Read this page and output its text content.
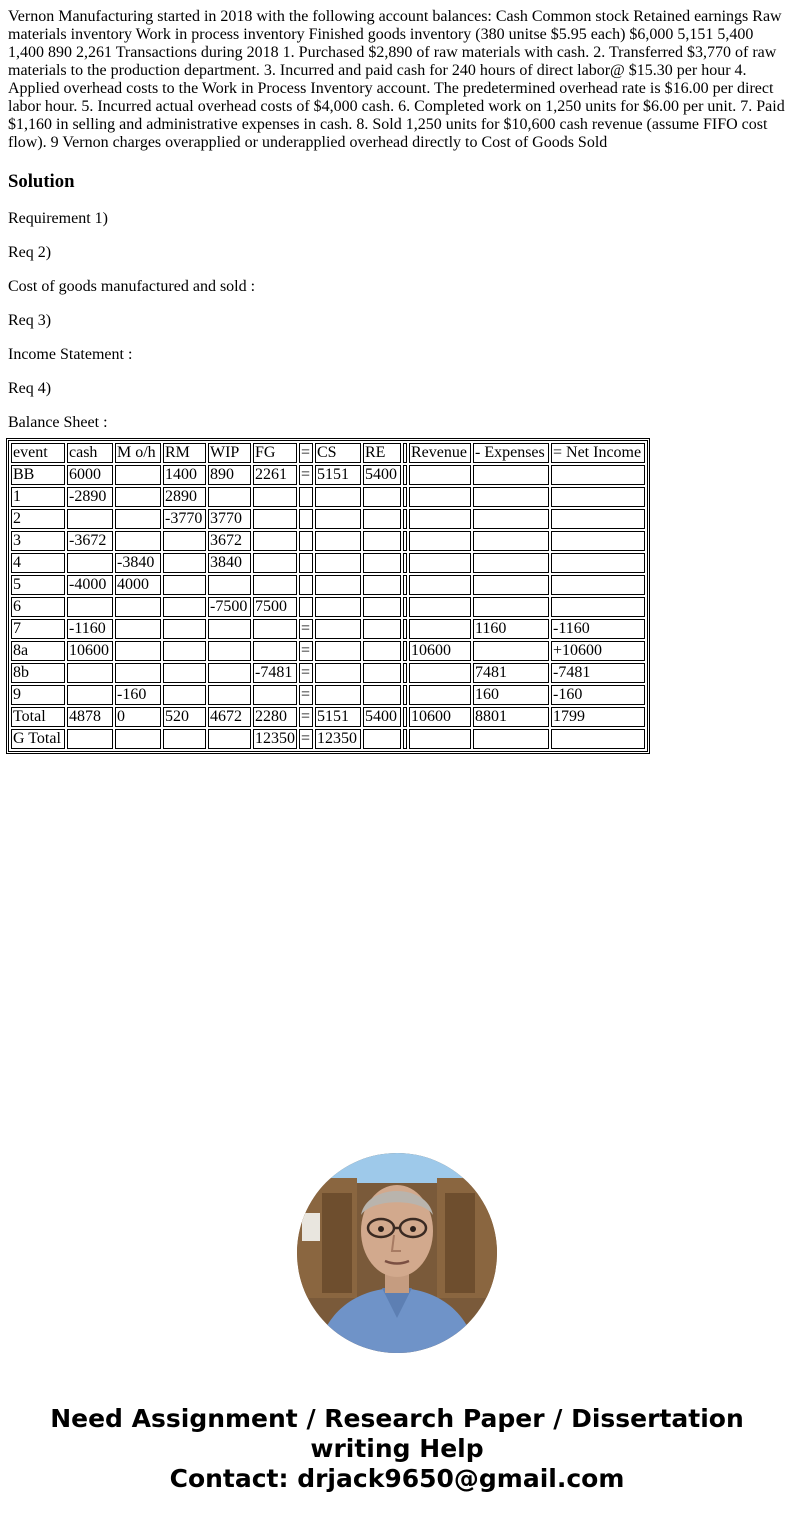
Vernon Manufacturing started in 2018 with the following account balances: Cash Common stock Retained earnings Raw materials inventory Work in process inventory Finished goods inventory (380 unitse $5.95 each) $6,000 5,151 5,400 1,400 890 2,261 Transactions during 2018 1. Purchased $2,890 of raw materials with cash. 2. Transferred $3,770 of raw materials to the production department. 3. Incurred and paid cash for 240 hours of direct labor@ $15.30 per hour 4. Applied overhead costs to the Work in Process Inventory account. The predetermined overhead rate is $16.00 per direct labor hour. 5. Incurred actual overhead costs of $4,000 cash. 6. Completed work on 1,250 units for $6.00 per unit. 7. Paid $1,160 in selling and administrative expenses in cash. 8. Sold 1,250 units for $10,600 cash revenue (assume FIFO cost flow). 9 Vernon charges overapplied or underapplied overhead directly to Cost of Goods Sold

Solution

Requirement 1)

Req 2)

Cost of goods manufactured and sold :

Req 3)

Income Statement :

Req 4)

Balance Sheet :

event	cash	M o/h	RM	WIP	FG	=	CS	RE		Revenue	- Expenses	= Net Income
BB	6000		1400	890	2261	=	5151	5400				
1	-2890		2890									
2			-3770	3770								
3	-3672			3672								
4		-3840		3840								
5	-4000	4000										
6				-7500	7500							
7	-1160					=					1160	-1160
8a	10600					=				10600		+10600
8b					-7481	=					7481	-7481
9		-160				=					160	-160
Total	4878	0	520	4672	2280	=	5151	5400		10600	8801	1799
G Total					12350	=	12350					
Need Assignment / Research Paper / Dissertation
writing Help
Contact: drjack9650@gmail.com
